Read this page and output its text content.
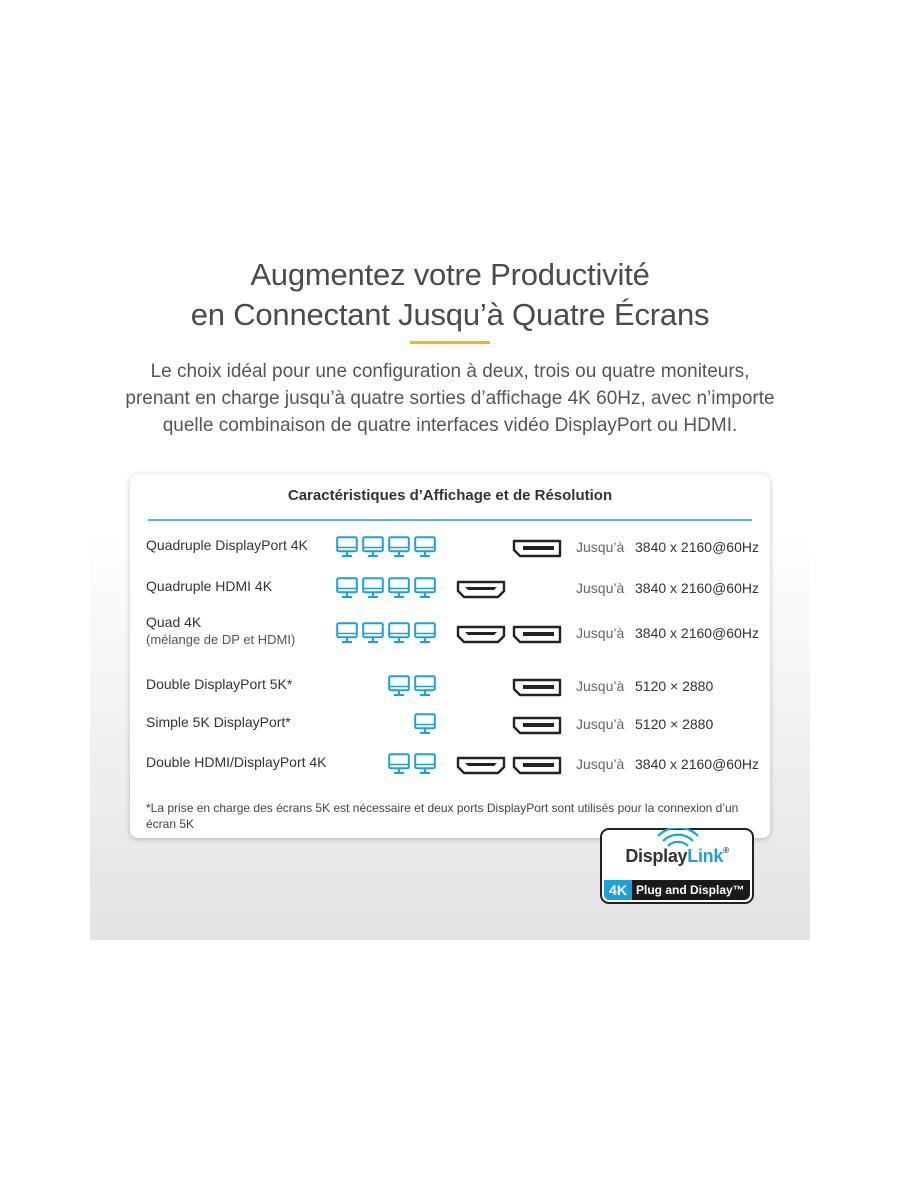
Augmentez votre Productivité
en Connectant Jusqu’à Quatre Écrans
Le choix idéal pour une configuration à deux, trois ou quatre moniteurs,
prenant en charge jusqu’à quatre sorties d’affichage 4K 60Hz, avec n’importe
quelle combinaison de quatre interfaces vidéo DisplayPort ou HDMI.
Caractéristiques d’Affichage et de Résolution
*La prise en charge des écrans 5K est nécessaire et deux ports DisplayPort sont utilisés pour la connexion d’un écran 5K
Quadruple DisplayPort 4K	Jusqu’à 3840 x 2160@60Hz
Quadruple HDMI 4K	Jusqu’à 3840 x 2160@60Hz
Quad 4K
(mélange de DP et HDMI)	Jusqu’à 3840 x 2160@60Hz
Double DisplayPort 5K*	Jusqu’à 5120 × 2880
Simple 5K DisplayPort*	Jusqu’à 5120 × 2880
Double HDMI/DisplayPort 4K	Jusqu’à 3840 x 2160@60Hz
DisplayLink®
4K Plug and Display™
